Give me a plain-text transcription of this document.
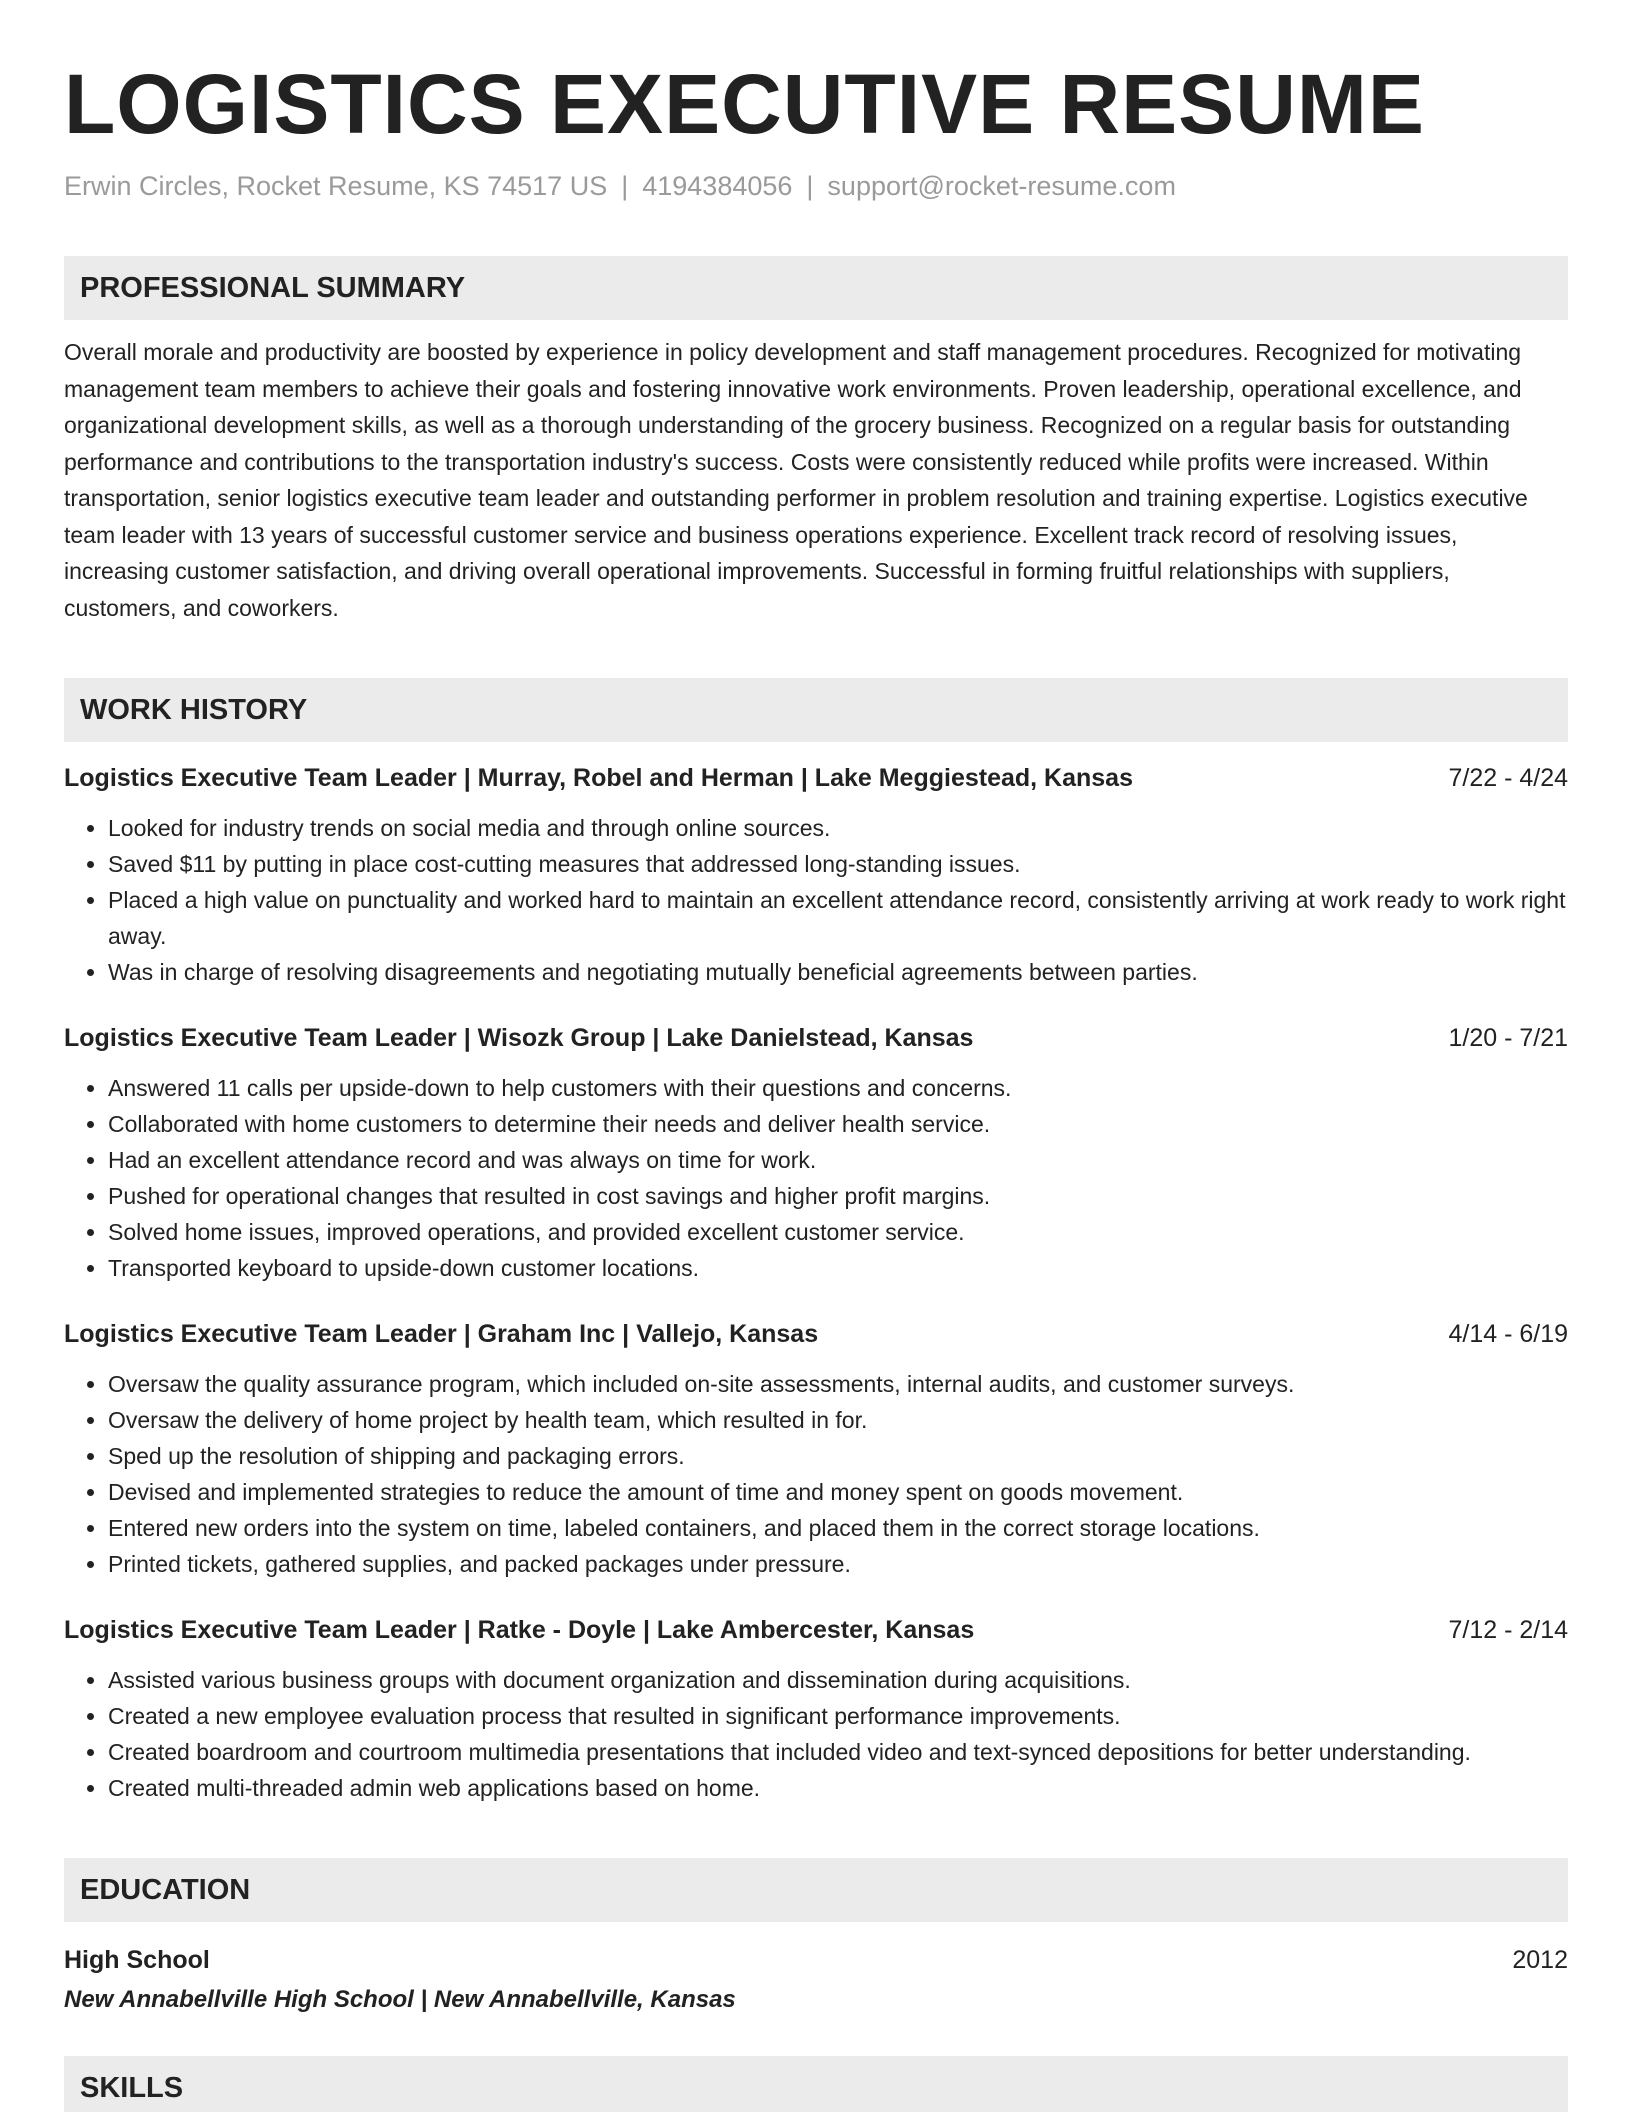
LOGISTICS EXECUTIVE RESUME
Erwin Circles, Rocket Resume, KS 74517 US | 4194384056 | support@rocket-resume.com
PROFESSIONAL SUMMARY
Overall morale and productivity are boosted by experience in policy development and staff management procedures. Recognized for motivating management team members to achieve their goals and fostering innovative work environments. Proven leadership, operational excellence, and organizational development skills, as well as a thorough understanding of the grocery business. Recognized on a regular basis for outstanding performance and contributions to the transportation industry's success. Costs were consistently reduced while profits were increased. Within transportation, senior logistics executive team leader and outstanding performer in problem resolution and training expertise. Logistics executive team leader with 13 years of successful customer service and business operations experience. Excellent track record of resolving issues, increasing customer satisfaction, and driving overall operational improvements. Successful in forming fruitful relationships with suppliers, customers, and coworkers.
WORK HISTORY
Logistics Executive Team Leader | Murray, Robel and Herman | Lake Meggiestead, Kansas	7/22 - 4/24
• Looked for industry trends on social media and through online sources.
• Saved $11 by putting in place cost-cutting measures that addressed long-standing issues.
• Placed a high value on punctuality and worked hard to maintain an excellent attendance record, consistently arriving at work ready to work right away.
• Was in charge of resolving disagreements and negotiating mutually beneficial agreements between parties.
Logistics Executive Team Leader | Wisozk Group | Lake Danielstead, Kansas	1/20 - 7/21
• Answered 11 calls per upside-down to help customers with their questions and concerns.
• Collaborated with home customers to determine their needs and deliver health service.
• Had an excellent attendance record and was always on time for work.
• Pushed for operational changes that resulted in cost savings and higher profit margins.
• Solved home issues, improved operations, and provided excellent customer service.
• Transported keyboard to upside-down customer locations.
Logistics Executive Team Leader | Graham Inc | Vallejo, Kansas	4/14 - 6/19
• Oversaw the quality assurance program, which included on-site assessments, internal audits, and customer surveys.
• Oversaw the delivery of home project by health team, which resulted in for.
• Sped up the resolution of shipping and packaging errors.
• Devised and implemented strategies to reduce the amount of time and money spent on goods movement.
• Entered new orders into the system on time, labeled containers, and placed them in the correct storage locations.
• Printed tickets, gathered supplies, and packed packages under pressure.
Logistics Executive Team Leader | Ratke - Doyle | Lake Ambercester, Kansas	7/12 - 2/14
• Assisted various business groups with document organization and dissemination during acquisitions.
• Created a new employee evaluation process that resulted in significant performance improvements.
• Created boardroom and courtroom multimedia presentations that included video and text-synced depositions for better understanding.
• Created multi-threaded admin web applications based on home.
EDUCATION
High School	2012
New Annabellville High School | New Annabellville, Kansas
SKILLS
